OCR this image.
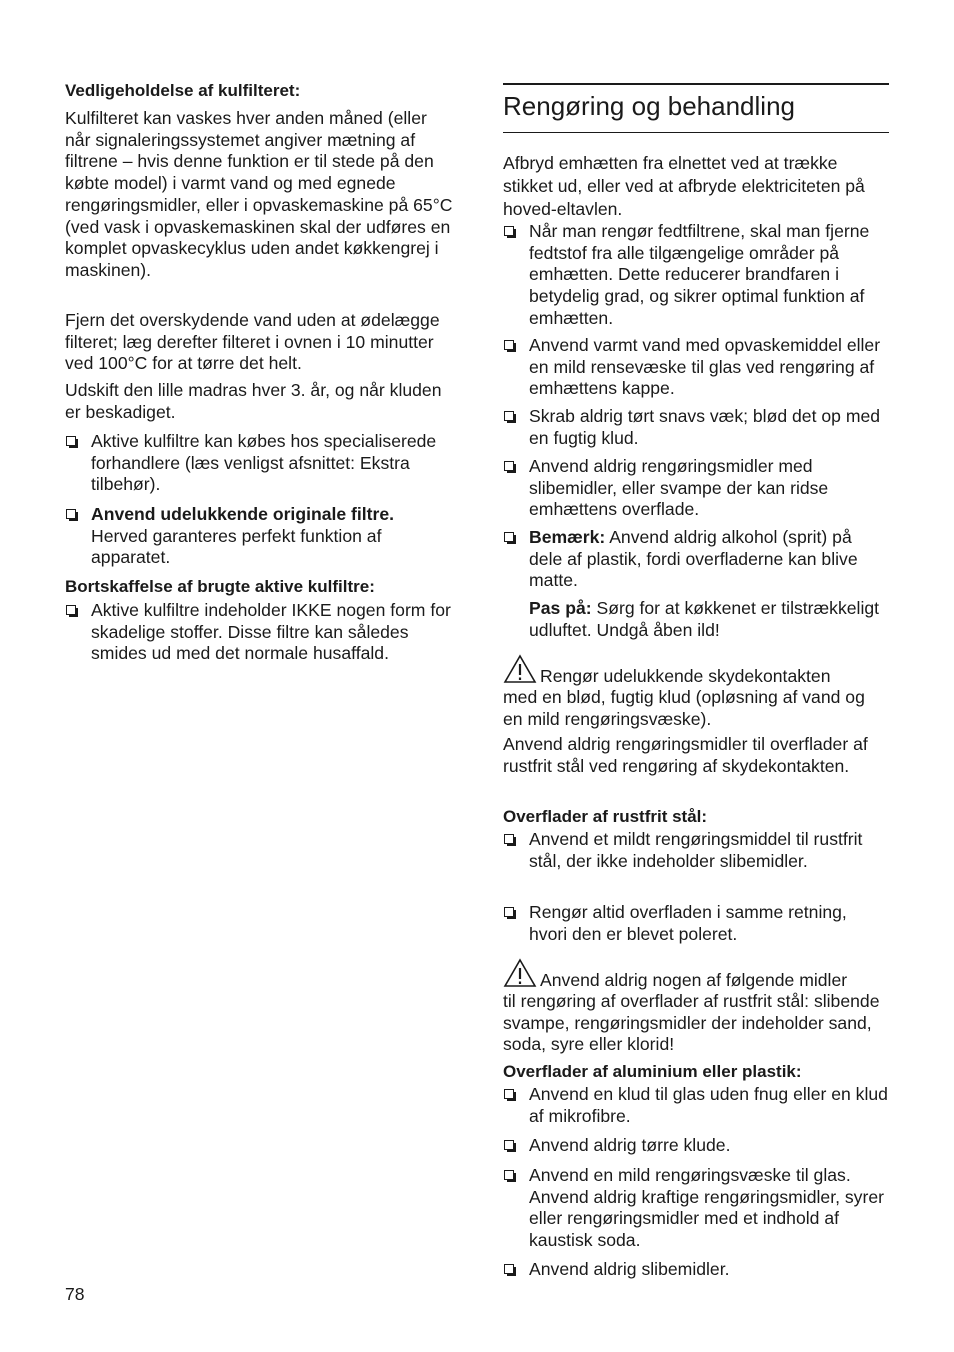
Vedligeholdelse af kulfilteret:

Kulfilteret kan vaskes hver anden måned (eller når signaleringssystemet angiver mætning af filtrene – hvis denne funktion er til stede på den købte model) i varmt vand og med egnede rengøringsmidler, eller i opvaskemaskine på 65°C (ved vask i opvaskemaskinen skal der udføres en komplet opvaskecyklus uden andet køkkengrej i maskinen).

Fjern det overskydende vand uden at ødelægge filteret; læg derefter filteret i ovnen i 10 minutter ved 100°C for at tørre det helt.

Udskift den lille madras hver 3. år, og når kluden er beskadiget.

Aktive kulfiltre kan købes hos specialiserede forhandlere (læs venligst afsnittet: Ekstra tilbehør).
Anvend udelukkende originale filtre. Herved garanteres perfekt funktion af apparatet.

Bortskaffelse af brugte aktive kulfiltre:

Aktive kulfiltre indeholder IKKE nogen form for skadelige stoffer. Disse filtre kan således smides ud med det normale husaffald.
Rengøring og behandling

Afbryd emhætten fra elnettet ved at trække stikket ud, eller ved at afbryde elektriciteten på hoved-eltavlen.

Når man rengør fedtfiltrene, skal man fjerne fedtstof fra alle tilgængelige områder på emhætten. Dette reducerer brandfaren i betydelig grad, og sikrer optimal funktion af emhætten.
Anvend varmt vand med opvaskemiddel eller en mild rensevæske til glas ved rengøring af emhættens kappe.
Skrab aldrig tørt snavs væk; blød det op med en fugtig klud.
Anvend aldrig rengøringsmidler med slibemidler, eller svampe der kan ridse emhættens overflade.
Bemærk: Anvend aldrig alkohol (sprit) på dele af plastik, fordi overfladerne kan blive matte.

Pas på: Sørg for at køkkenet er tilstrækkeligt udluftet. Undgå åben ild!

Rengør udelukkende skydekontakten

med en blød, fugtig klud (opløsning af vand og en mild rengøringsvæske).

Anvend aldrig rengøringsmidler til overflader af rustfrit stål ved rengøring af skydekontakten.

Overflader af rustfrit stål:

Anvend et mildt rengøringsmiddel til rustfrit stål, der ikke indeholder slibemidler.
Rengør altid overfladen i samme retning, hvori den er blevet poleret.

Anvend aldrig nogen af følgende midler

til rengøring af overflader af rustfrit stål: slibende svampe, rengøringsmidler der indeholder sand, soda, syre eller klorid!

Overflader af aluminium eller plastik:

Anvend en klud til glas uden fnug eller en klud af mikrofibre.
Anvend aldrig tørre klude.
Anvend en mild rengøringsvæske til glas. Anvend aldrig kraftige rengøringsmidler, syrer eller rengøringsmidler med et indhold af kaustisk soda.
Anvend aldrig slibemidler.
78
